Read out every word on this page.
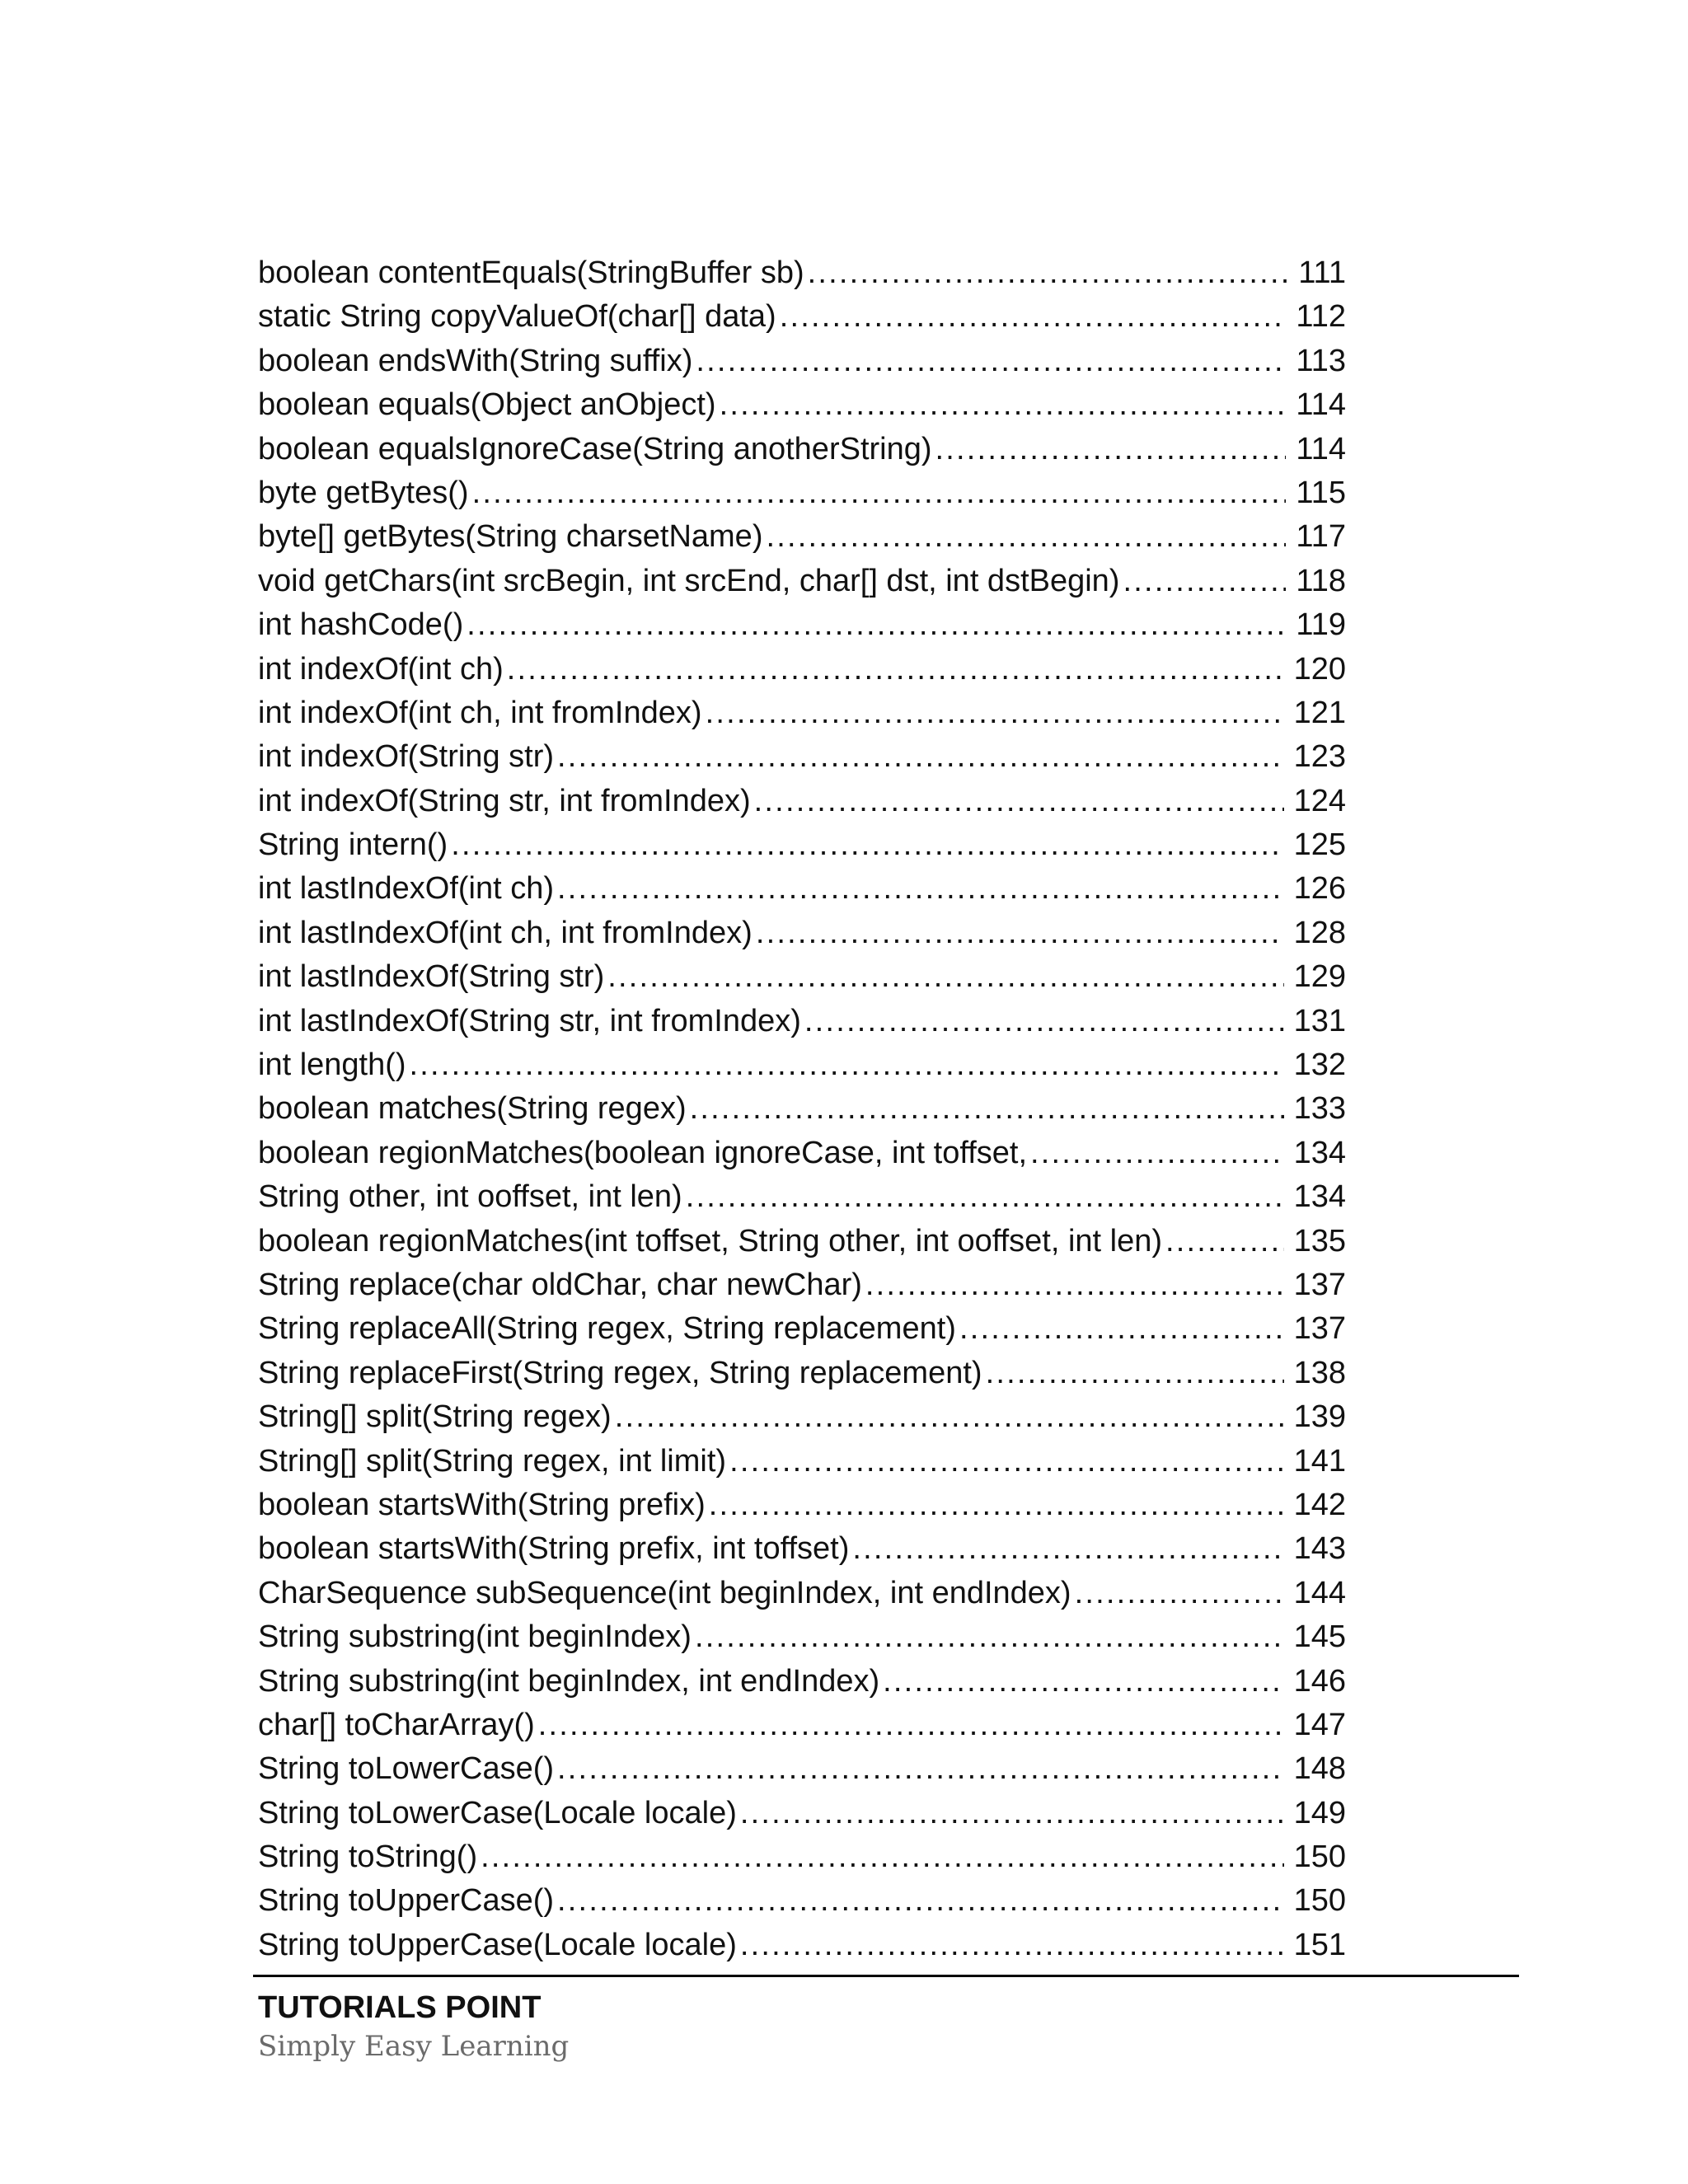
boolean contentEquals(StringBuffer sb) .....	111
static String copyValueOf(char[] data) .....	112
boolean endsWith(String suffix) .....	113
boolean equals(Object anObject) .....	114
boolean equalsIgnoreCase(String anotherString) .....	114
byte getBytes() .....	115
byte[] getBytes(String charsetName) .....	117
void getChars(int srcBegin, int srcEnd, char[] dst, int dstBegin) .....	118
int hashCode() .....	119
int indexOf(int ch) .....	120
int indexOf(int ch, int fromIndex) .....	121
int indexOf(String str) .....	123
int indexOf(String str, int fromIndex) .....	124
String intern() .....	125
int lastIndexOf(int ch) .....	126
int lastIndexOf(int ch, int fromIndex) .....	128
int lastIndexOf(String str) .....	129
int lastIndexOf(String str, int fromIndex) .....	131
int length() .....	132
boolean matches(String regex) .....	133
boolean regionMatches(boolean ignoreCase, int toffset, .....	134
String other, int ooffset, int len) .....	134
boolean regionMatches(int toffset, String other, int ooffset, int len) .....	135
String replace(char oldChar, char newChar) .....	137
String replaceAll(String regex, String replacement) .....	137
String replaceFirst(String regex, String replacement) .....	138
String[] split(String regex) .....	139
String[] split(String regex, int limit) .....	141
boolean startsWith(String prefix) .....	142
boolean startsWith(String prefix, int toffset) .....	143
CharSequence subSequence(int beginIndex, int endIndex) .....	144
String substring(int beginIndex) .....	145
String substring(int beginIndex, int endIndex) .....	146
char[] toCharArray() .....	147
String toLowerCase() .....	148
String toLowerCase(Locale locale) .....	149
String toString() .....	150
String toUpperCase() .....	150
String toUpperCase(Locale locale) .....	151
TUTORIALS POINT
Simply Easy Learning
